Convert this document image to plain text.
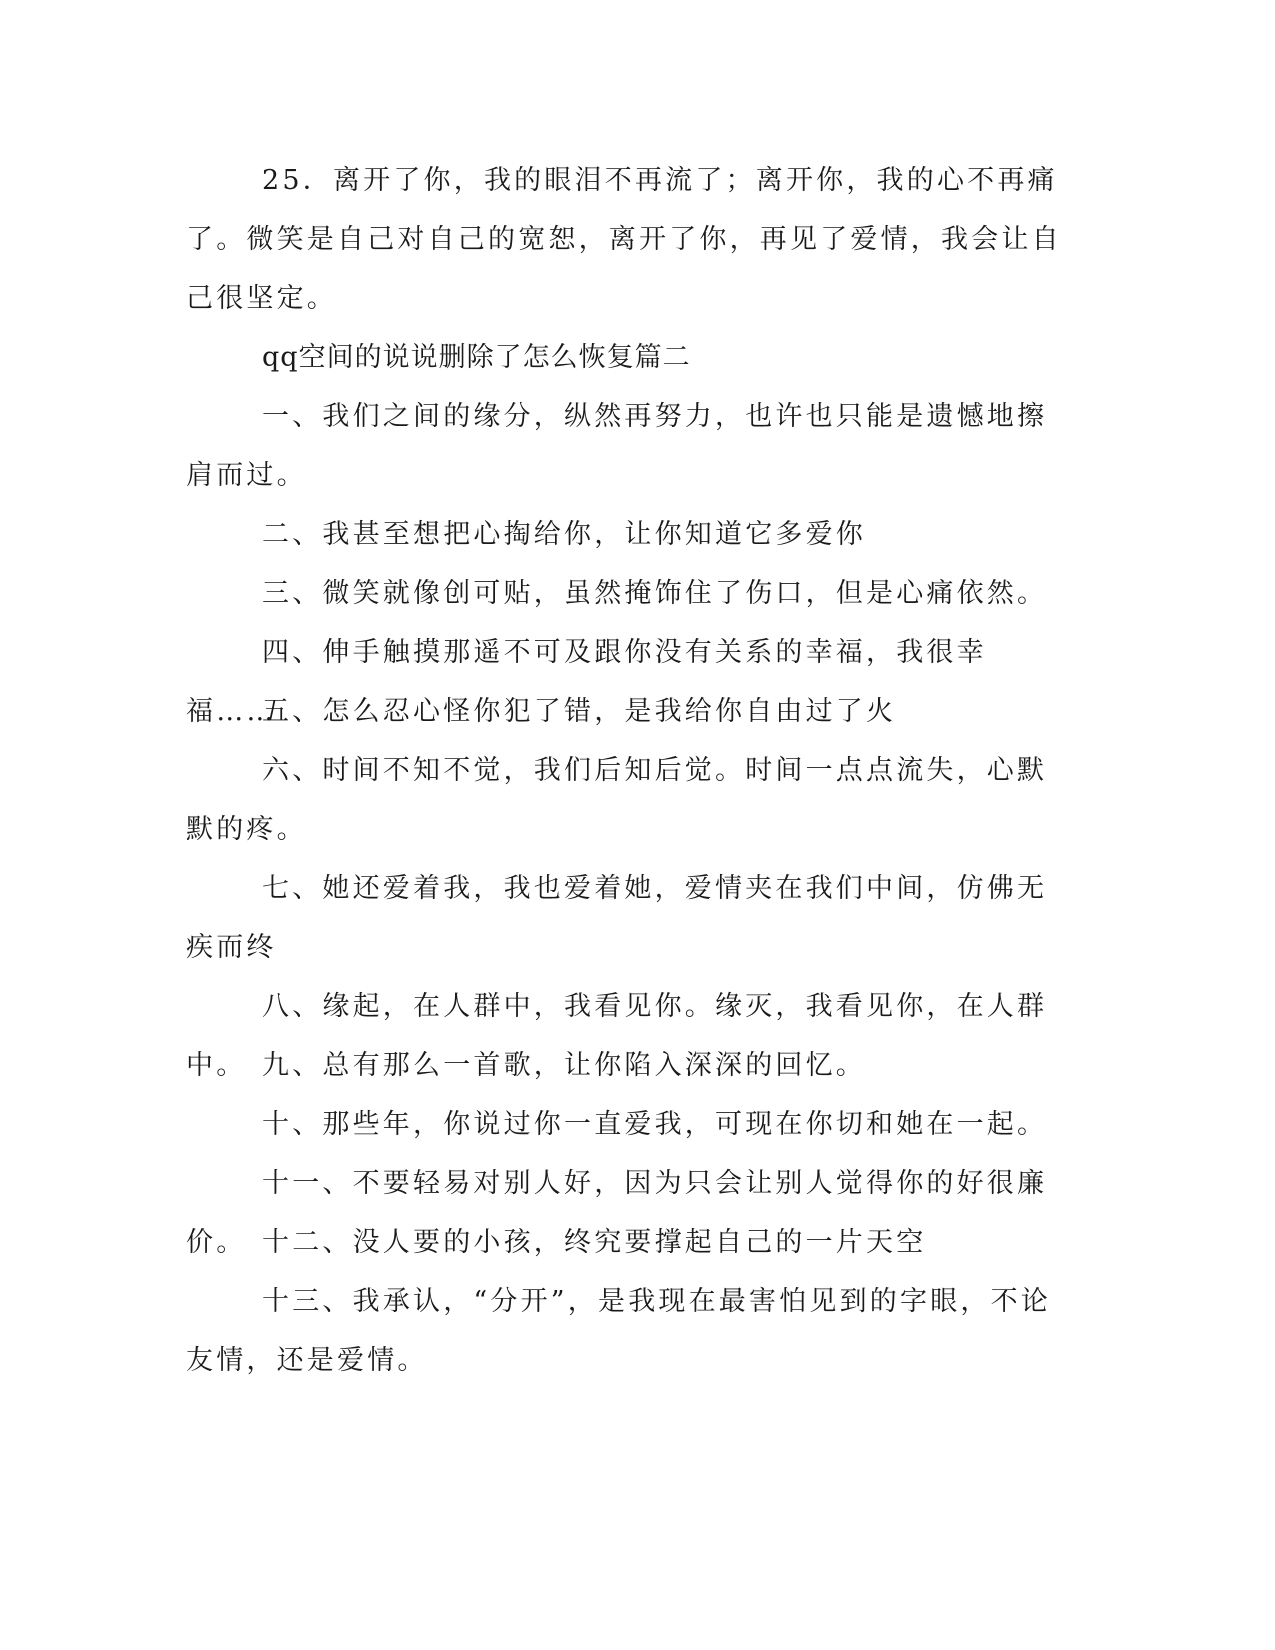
25．离开了你，我的眼泪不再流了；离开你，我的心不再痛了。微笑是自己对自己的宽恕，离开了你，再见了爱情，我会让自己很坚定。

qq空间的说说删除了怎么恢复篇二

一、我们之间的缘分，纵然再努力，也许也只能是遗憾地擦肩而过。

二、我甚至想把心掏给你，让你知道它多爱你

三、微笑就像创可贴，虽然掩饰住了伤口，但是心痛依然。

四、伸手触摸那遥不可及跟你没有关系的幸福，我很幸福……

五、怎么忍心怪你犯了错，是我给你自由过了火

六、时间不知不觉，我们后知后觉。时间一点点流失，心默默的疼。

七、她还爱着我，我也爱着她，爱情夹在我们中间，仿佛无疾而终

八、缘起，在人群中，我看见你。缘灭，我看见你，在人群中。 九、总有那么一首歌，让你陷入深深的回忆。

十、那些年，你说过你一直爱我，可现在你切和她在一起。

十一、不要轻易对别人好，因为只会让别人觉得你的好很廉价。 十二、没人要的小孩，终究要撑起自己的一片天空

十三、我承认，“分开”，是我现在最害怕见到的字眼，不论友情，还是爱情。
